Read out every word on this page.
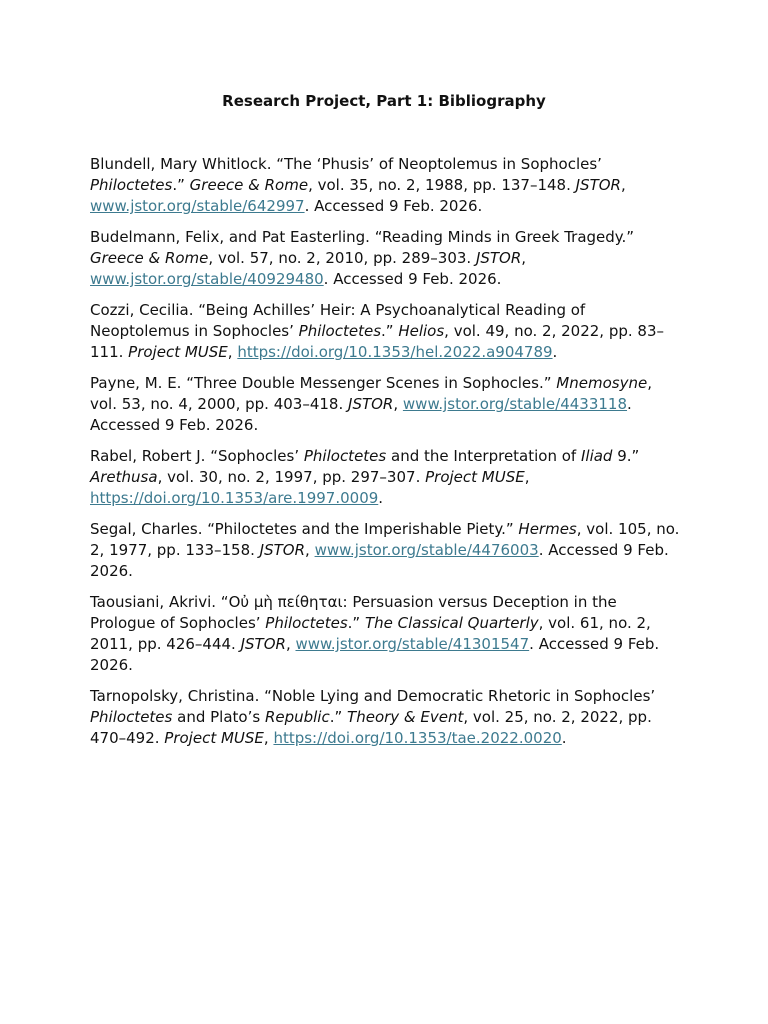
Research Project, Part 1: Bibliography

Blundell, Mary Whitlock. “The ‘Phusis’ of Neoptolemus in Sophocles’ Philoctetes.” Greece & Rome, vol. 35, no. 2, 1988, pp. 137–148. JSTOR, www.jstor.org/stable/642997. Accessed 9 Feb. 2026.

Budelmann, Felix, and Pat Easterling. “Reading Minds in Greek Tragedy.” Greece & Rome, vol. 57, no. 2, 2010, pp. 289–303. JSTOR, www.jstor.org/stable/40929480. Accessed 9 Feb. 2026.

Cozzi, Cecilia. “Being Achilles’ Heir: A Psychoanalytical Reading of Neoptolemus in Sophocles’ Philoctetes.” Helios, vol. 49, no. 2, 2022, pp. 83–111. Project MUSE, https://doi.org/10.1353/hel.2022.a904789.

Payne, M. E. “Three Double Messenger Scenes in Sophocles.” Mnemosyne, vol. 53, no. 4, 2000, pp. 403–418. JSTOR, www.jstor.org/stable/4433118. Accessed 9 Feb. 2026.

Rabel, Robert J. “Sophocles’ Philoctetes and the Interpretation of Iliad 9.” Arethusa, vol. 30, no. 2, 1997, pp. 297–307. Project MUSE, https://doi.org/10.1353/are.1997.0009.

Segal, Charles. “Philoctetes and the Imperishable Piety.” Hermes, vol. 105, no. 2, 1977, pp. 133–158. JSTOR, www.jstor.org/stable/4476003. Accessed 9 Feb. 2026.

Taousiani, Akrivi. “Οὐ μὴ πείθηται: Persuasion versus Deception in the Prologue of Sophocles’ Philoctetes.” The Classical Quarterly, vol. 61, no. 2, 2011, pp. 426–444. JSTOR, www.jstor.org/stable/41301547. Accessed 9 Feb. 2026.

Tarnopolsky, Christina. “Noble Lying and Democratic Rhetoric in Sophocles’ Philoctetes and Plato’s Republic.” Theory & Event, vol. 25, no. 2, 2022, pp. 470–492. Project MUSE, https://doi.org/10.1353/tae.2022.0020.
